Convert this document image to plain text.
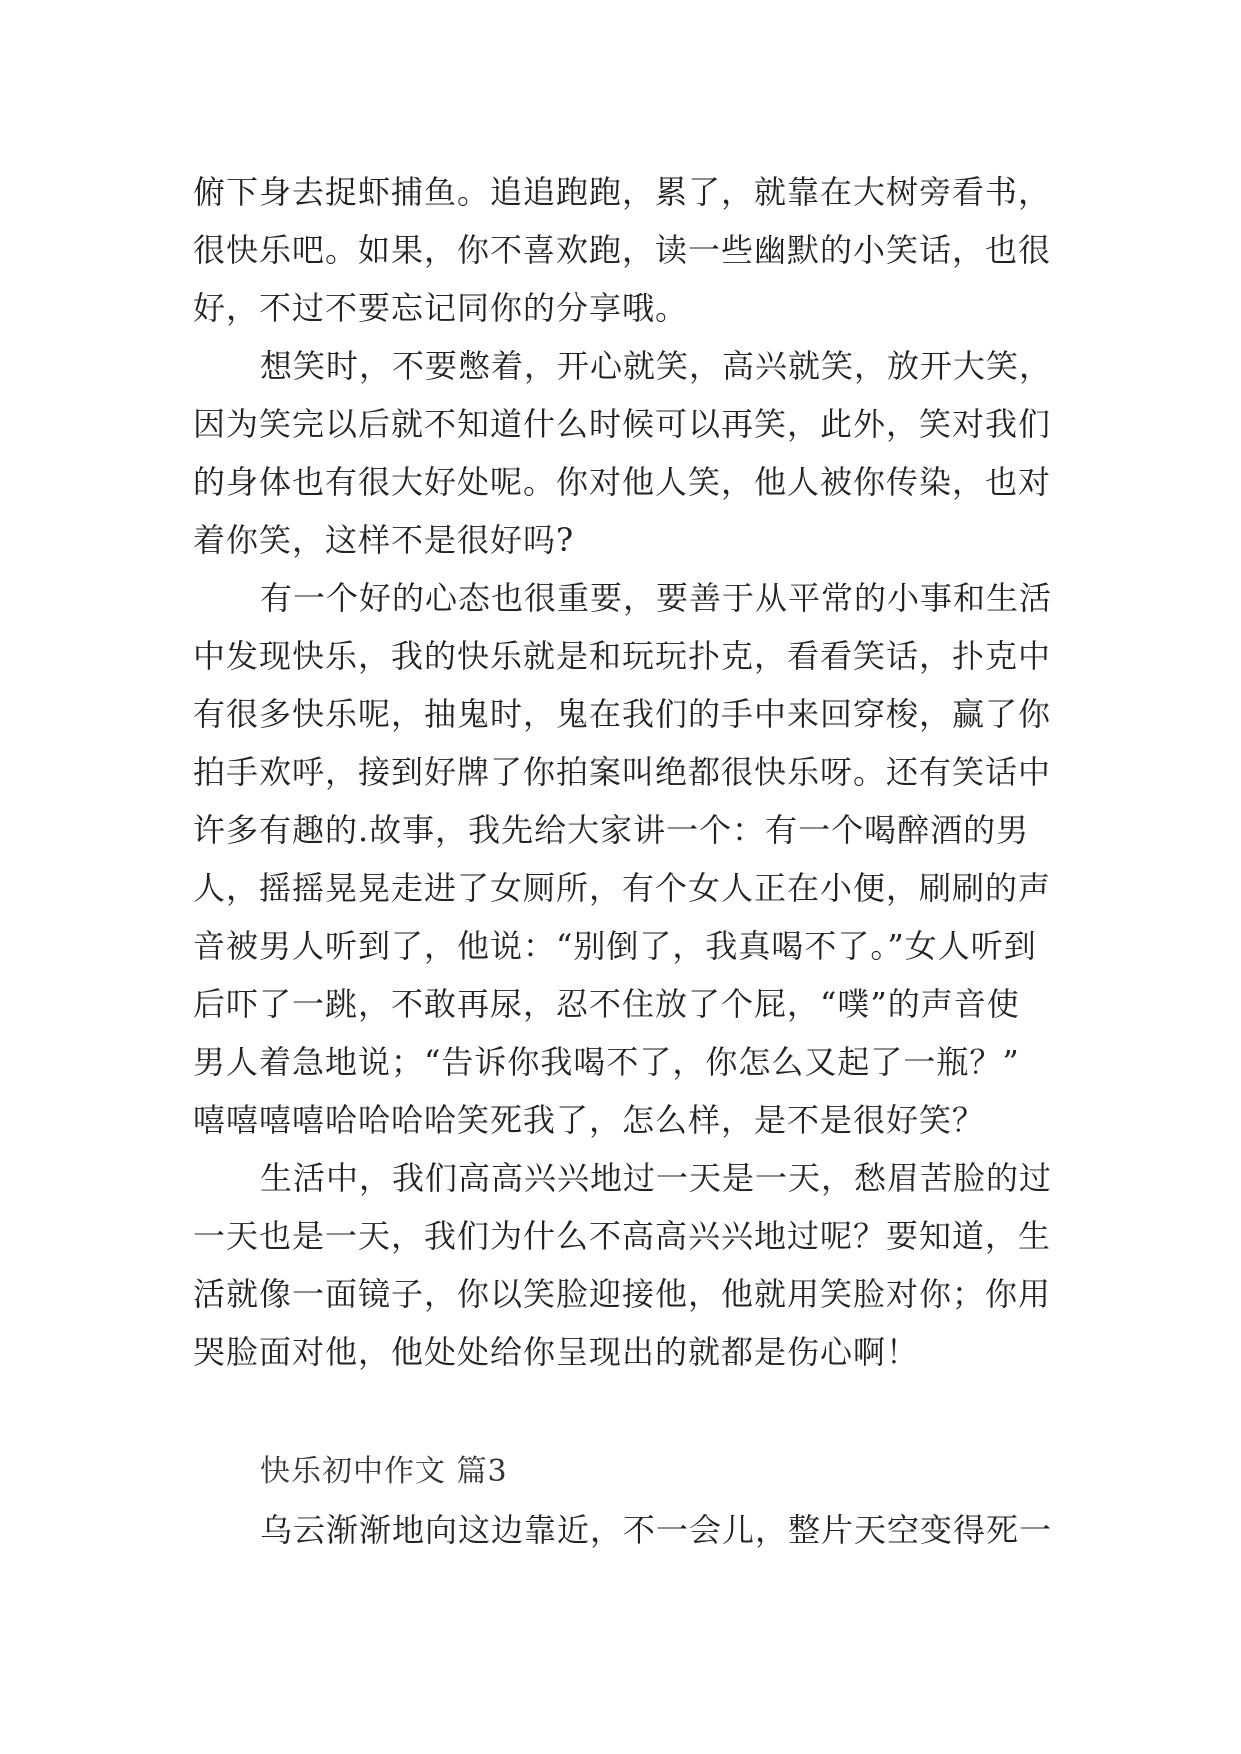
俯下身去捉虾捕鱼。追追跑跑，累了，就靠在大树旁看书，
很快乐吧。如果，你不喜欢跑，读一些幽默的小笑话，也很
好，不过不要忘记同你的分享哦。
想笑时，不要憋着，开心就笑，高兴就笑，放开大笑，
因为笑完以后就不知道什么时候可以再笑，此外，笑对我们
的身体也有很大好处呢。你对他人笑，他人被你传染，也对
着你笑，这样不是很好吗?
有一个好的心态也很重要，要善于从平常的小事和生活
中发现快乐，我的快乐就是和玩玩扑克，看看笑话，扑克中
有很多快乐呢，抽鬼时，鬼在我们的手中来回穿梭，赢了你
拍手欢呼，接到好牌了你拍案叫绝都很快乐呀。还有笑话中
许多有趣的.故事，我先给大家讲一个：有一个喝醉酒的男
人，摇摇晃晃走进了女厕所，有个女人正在小便，刷刷的声
音被男人听到了，他说：“别倒了，我真喝不了。”女人听到
后吓了一跳，不敢再尿，忍不住放了个屁，“噗”的声音使
男人着急地说；“告诉你我喝不了，你怎么又起了一瓶？”
嘻嘻嘻嘻哈哈哈哈笑死我了，怎么样，是不是很好笑？
生活中，我们高高兴兴地过一天是一天，愁眉苦脸的过
一天也是一天，我们为什么不高高兴兴地过呢？要知道，生
活就像一面镜子，你以笑脸迎接他，他就用笑脸对你；你用
哭脸面对他，他处处给你呈现出的就都是伤心啊！
快乐初中作文 篇3
乌云渐渐地向这边靠近，不一会儿，整片天空变得死一
